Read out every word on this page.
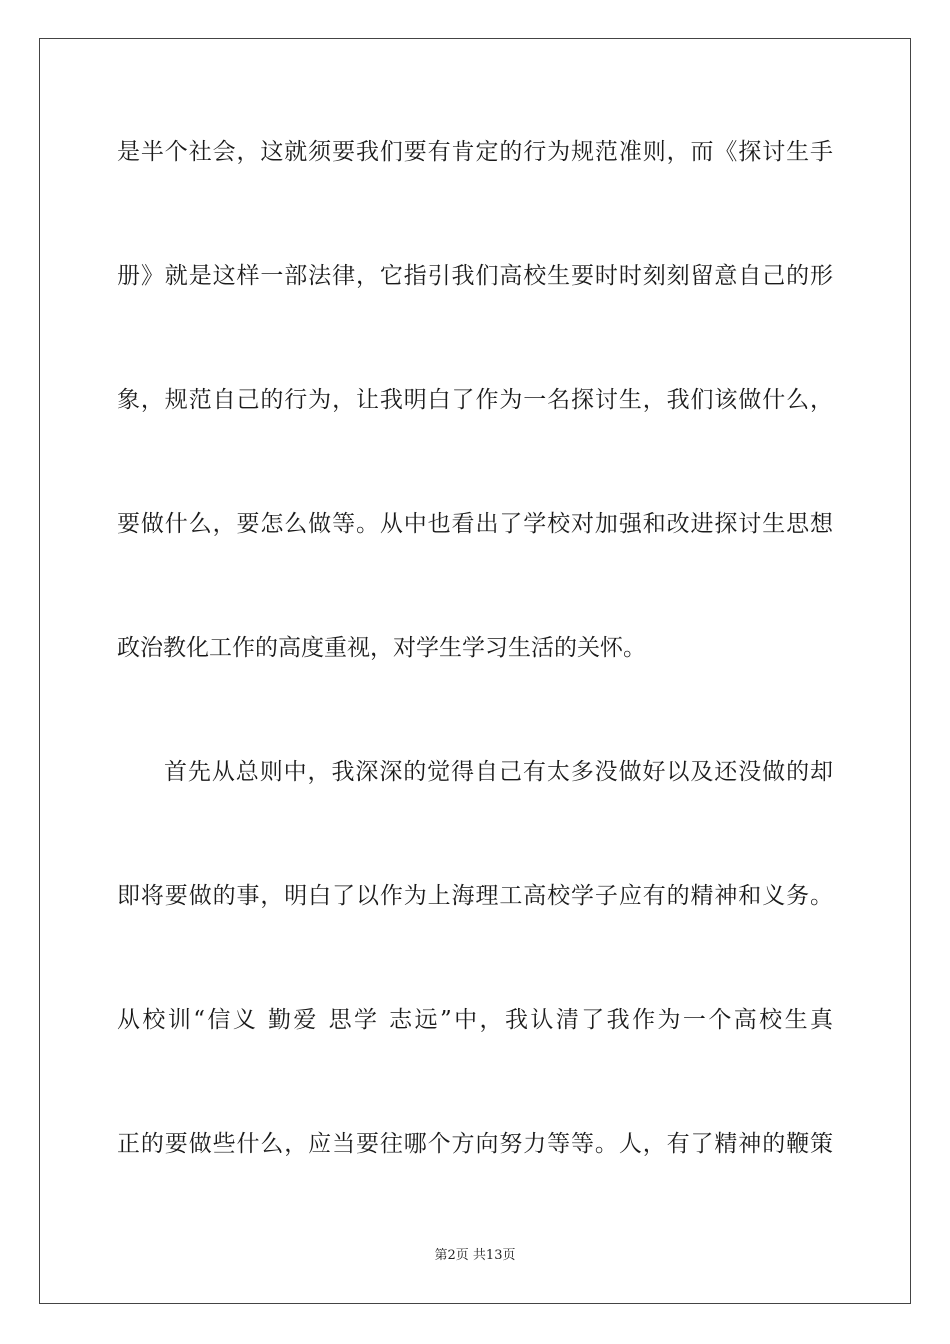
是半个社会，这就须要我们要有肯定的行为规范准则，而《探讨生手
册》就是这样一部法律，它指引我们高校生要时时刻刻留意自己的形
象，规范自己的行为，让我明白了作为一名探讨生，我们该做什么，
要做什么，要怎么做等。从中也看出了学校对加强和改进探讨生思想
政治教化工作的高度重视，对学生学习生活的关怀。
首先从总则中，我深深的觉得自己有太多没做好以及还没做的却
即将要做的事，明白了以作为上海理工高校学子应有的精神和义务。
从校训“信义 勤爱 思学 志远”中，我认清了我作为一个高校生真
正的要做些什么，应当要往哪个方向努力等等。人，有了精神的鞭策
第2页 共13页
